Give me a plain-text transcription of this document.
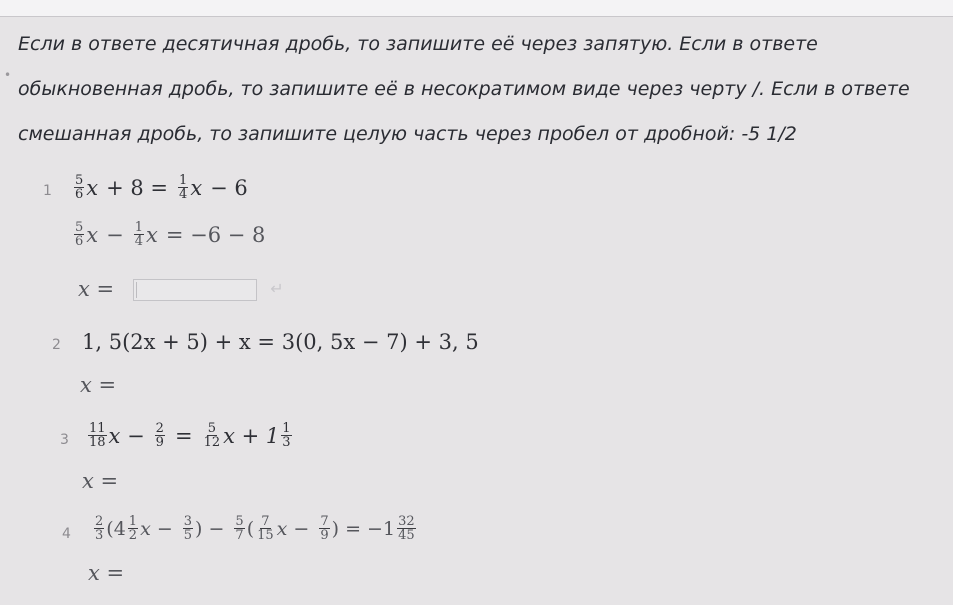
•

Если в ответе десятичная дробь, то запишите её через запятую. Если в ответе

обыкновенная дробь, то запишите её в несократимом виде через черту /. Если в ответе

смешанная дробь, то запишите целую часть через пробел от дробной: -5 1/2

$1 \frac{5}{6}$ $x + 8 = \frac{1}{4}$ x − 6
$\frac{5}{6}$ $x - \frac{1}{4}$ x = −6 − 8
x =	↵
2 1, 5(2x + 5) + x = 3(0, 5x − 7) + 3, 5
x =
$3 \frac{11}{18}$ $x - \frac{2}{9} = \frac{5}{12}$ $x + 1 \frac{1}{3}$
x =
$4 \frac{2}{3} (4 \frac{1}{2}$ $x - \frac{3}{5}$ ) − $\frac{5}{7}$ ( $\frac{7}{15}$ $x - \frac{7}{9}$ ) = $-1 \frac{32}{45}$
x =
